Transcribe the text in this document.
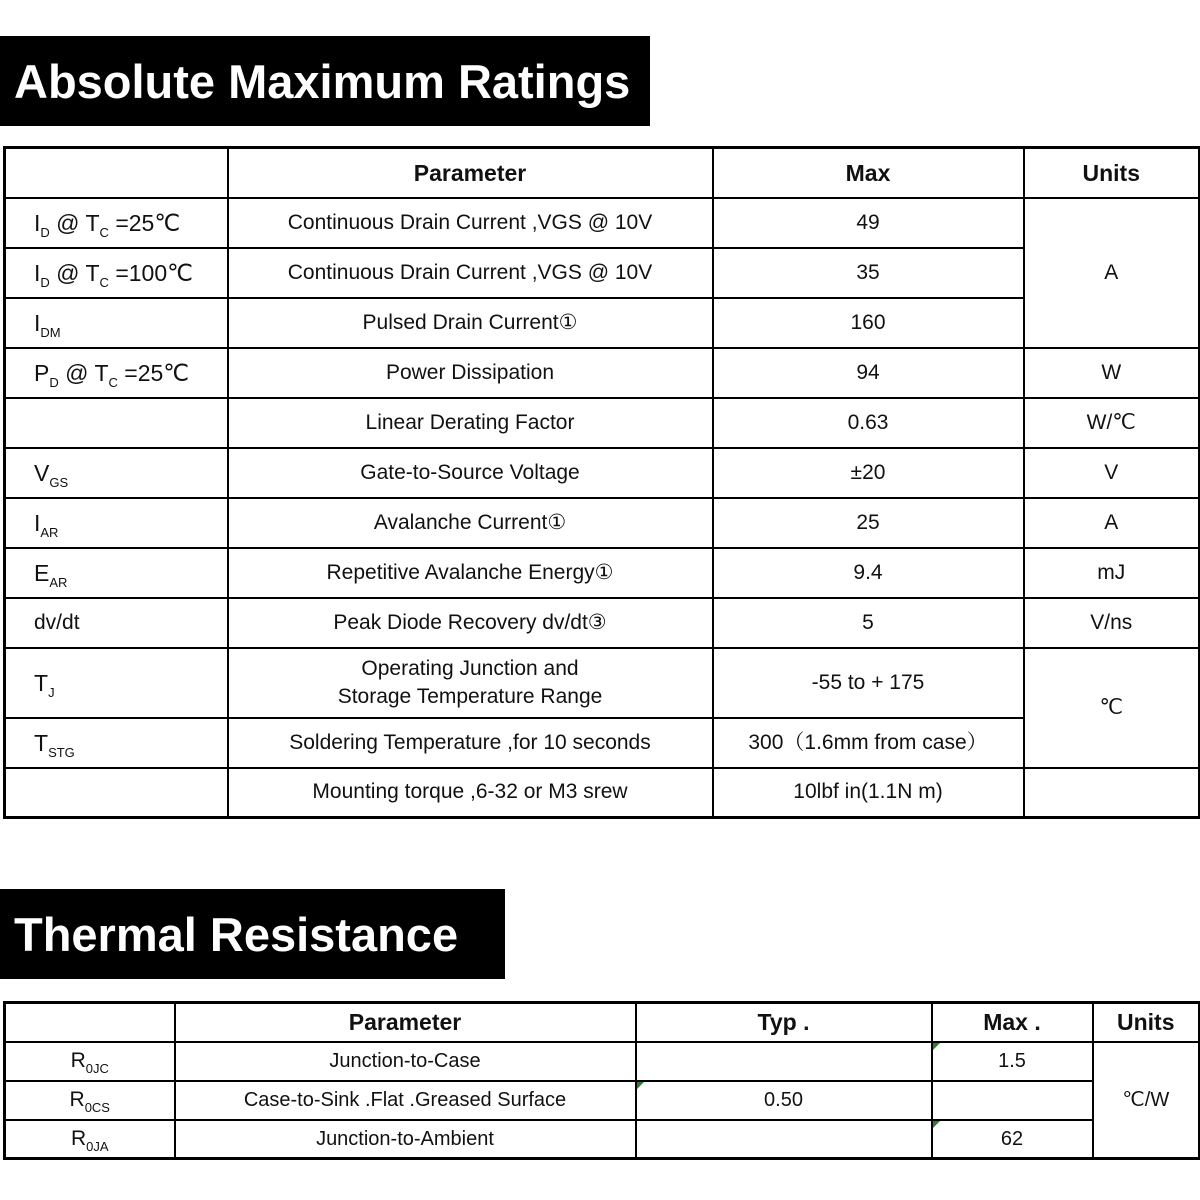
Absolute Maximum Ratings
	Parameter	Max	Units
$I_D$ @ $T_C$ =25℃	Continuous Drain Current ,VGS @ 10V	49	A
$I_D$ @ $T_C$ =100℃	Continuous Drain Current ,VGS @ 10V	35	
$I_{DM}$	Pulsed Drain Current①	160	
$P_D$ @ $T_C$ =25℃	Power Dissipation	94	W
	Linear Derating Factor	0.63	W/℃
$V_{GS}$	Gate-to-Source Voltage	±20	V
$I_{AR}$	Avalanche Current①	25	A
$E_{AR}$	Repetitive Avalanche Energy①	9.4	mJ
dv/dt	Peak Diode Recovery dv/dt③	5	V/ns
$T_J$	Operating Junction and
Storage Temperature Range	-55 to + 175	℃
$T_{STG}$	Soldering Temperature ,for 10 seconds	300（1.6mm from case）	
	Mounting torque ,6-32 or M3 srew	10lbf in(1.1N m)	
Thermal Resistance
	Parameter	Typ .	Max .	Units
$R_{0JC}$	Junction-to-Case		1.5	℃/W
$R_{0CS}$	Case-to-Sink .Flat .Greased Surface	0.50		
$R_{0JA}$	Junction-to-Ambient		62	
